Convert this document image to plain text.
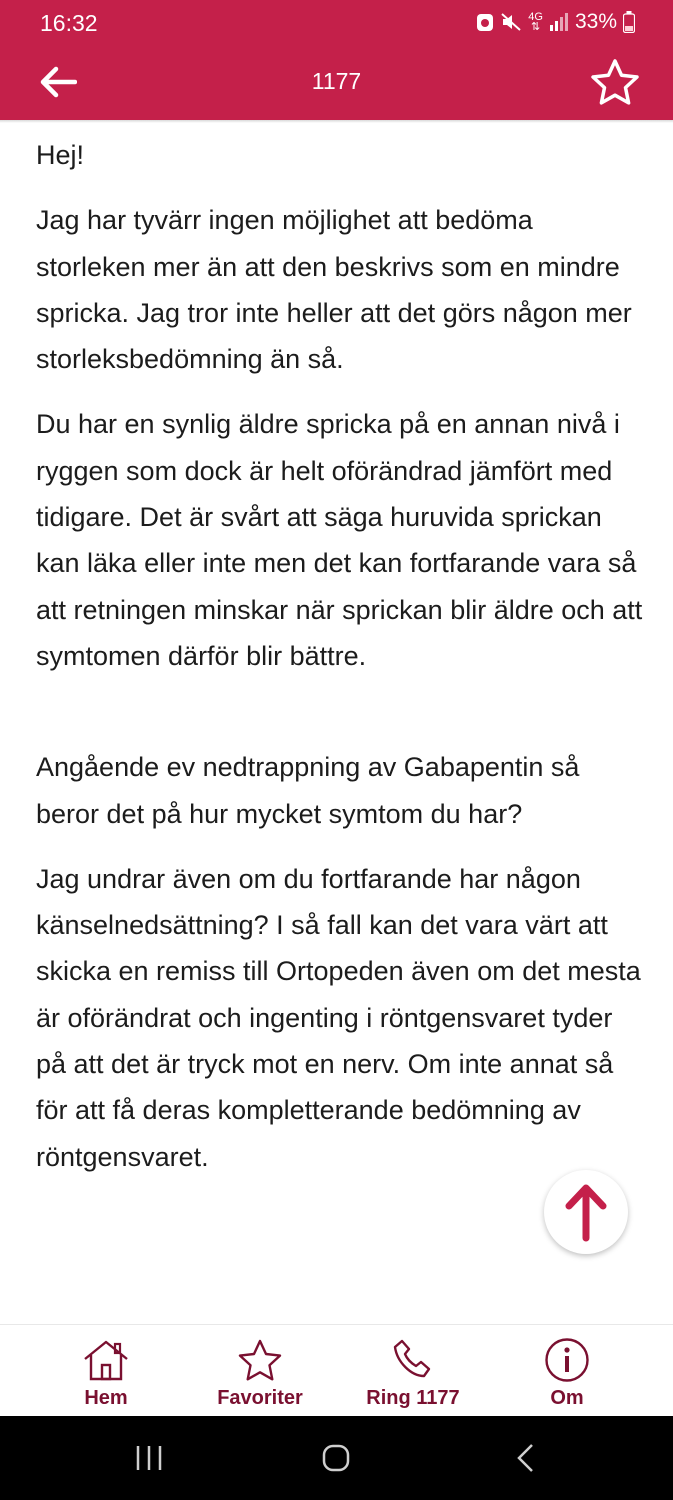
16:32	4G
⇅ 33%
1177

Hej!

Jag har tyvärr ingen möjlighet att bedöma storleken mer än att den beskrivs som en mindre spricka. Jag tror inte heller att det görs någon mer storleksbedömning än så.

Du har en synlig äldre spricka på en annan nivå i ryggen som dock är helt oförändrad jämfört med tidigare. Det är svårt att säga huruvida sprickan kan läka eller inte men det kan fortfarande vara så att retningen minskar när sprickan blir äldre och att symtomen därför blir bättre.

Angående ev nedtrappning av Gabapentin så beror det på hur mycket symtom du har?

Jag undrar även om du fortfarande har någon känselnedsättning? I så fall kan det vara värt att skicka en remiss till Ortopeden även om det mesta är oförändrat och ingenting i röntgensvaret tyder på att det är tryck mot en nerv. Om inte annat så för att få deras kompletterande bedömning av röntgensvaret.

Hem	Favoriter	Ring 1177	Om
